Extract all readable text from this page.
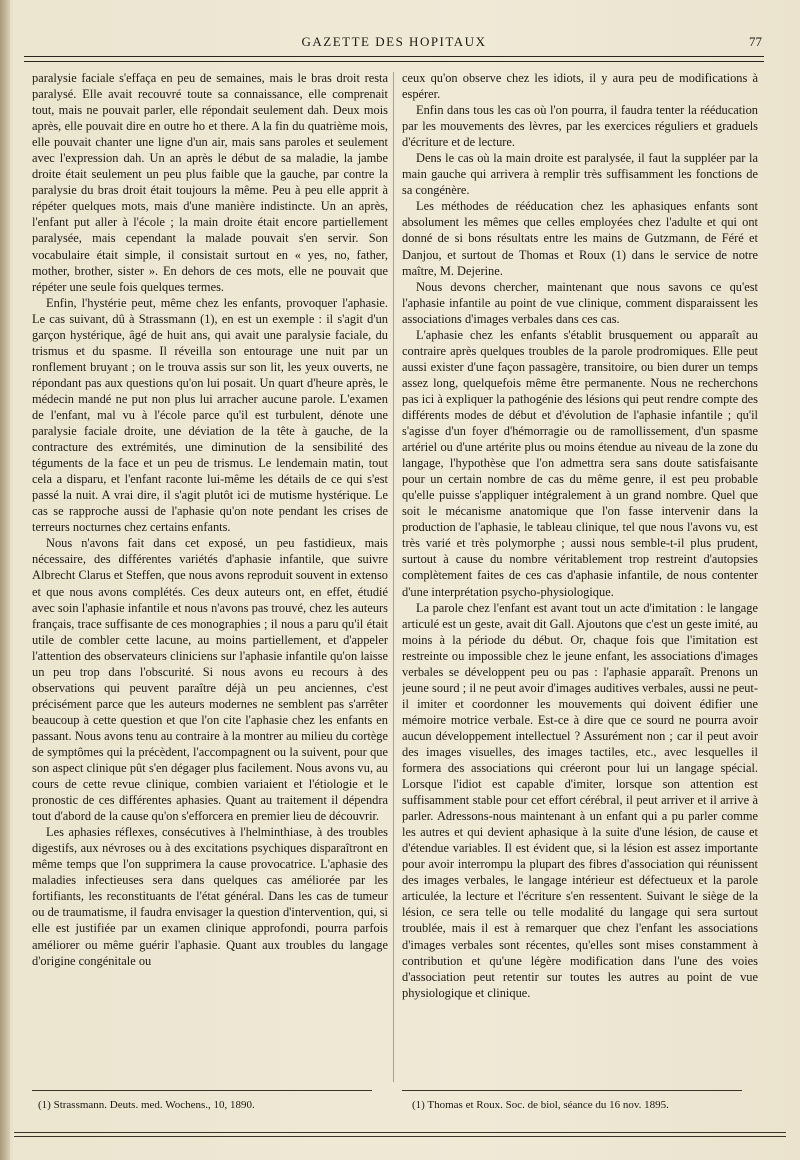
GAZETTE DES HOPITAUX	77

paralysie faciale s'effaça en peu de semaines, mais le bras droit resta paralysé. Elle avait recouvré toute sa connaissance, elle comprenait tout, mais ne pouvait parler, elle répondait seulement dah. Deux mois après, elle pouvait dire en outre ho et there. A la fin du quatrième mois, elle pouvait chanter une ligne d'un air, mais sans paroles et seulement avec l'expression dah. Un an après le début de sa maladie, la jambe droite était seulement un peu plus faible que la gauche, par contre la paralysie du bras droit était toujours la même. Peu à peu elle apprit à répéter quelques mots, mais d'une manière indistincte. Un an après, l'enfant put aller à l'école ; la main droite était encore partiellement paralysée, mais cependant la malade pouvait s'en servir. Son vocabulaire était simple, il consistait surtout en « yes, no, father, mother, brother, sister ». En dehors de ces mots, elle ne pouvait que répéter une seule fois quelques termes.

Enfin, l'hystérie peut, même chez les enfants, provoquer l'aphasie. Le cas suivant, dû à Strassmann (1), en est un exemple : il s'agit d'un garçon hystérique, âgé de huit ans, qui avait une paralysie faciale, du trismus et du spasme. Il réveilla son entourage une nuit par un ronflement bruyant ; on le trouva assis sur son lit, les yeux ouverts, ne répondant pas aux questions qu'on lui posait. Un quart d'heure après, le médecin mandé ne put non plus lui arracher aucune parole. L'examen de l'enfant, mal vu à l'école parce qu'il est turbulent, dénote une paralysie faciale droite, une déviation de la tête à gauche, de la contracture des extrémités, une diminution de la sensibilité des téguments de la face et un peu de trismus. Le lendemain matin, tout cela a disparu, et l'enfant raconte lui-même les détails de ce qui s'est passé la nuit. A vrai dire, il s'agit plutôt ici de mutisme hystérique. Le cas se rapproche aussi de l'aphasie qu'on note pendant les crises de terreurs nocturnes chez certains enfants.

Nous n'avons fait dans cet exposé, un peu fastidieux, mais nécessaire, des différentes variétés d'aphasie infantile, que suivre Albrecht Clarus et Steffen, que nous avons reproduit souvent in extenso et que nous avons complétés. Ces deux auteurs ont, en effet, étudié avec soin l'aphasie infantile et nous n'avons pas trouvé, chez les auteurs français, trace suffisante de ces monographies ; il nous a paru qu'il était utile de combler cette lacune, au moins partiellement, et d'appeler l'attention des observateurs cliniciens sur l'aphasie infantile qu'on laisse un peu trop dans l'obscurité. Si nous avons eu recours à des observations qui peuvent paraître déjà un peu anciennes, c'est précisément parce que les auteurs modernes ne semblent pas s'arrêter beaucoup à cette question et que l'on cite l'aphasie chez les enfants en passant. Nous avons tenu au contraire à la montrer au milieu du cortège de symptômes qui la précèdent, l'accompagnent ou la suivent, pour que son aspect clinique pût s'en dégager plus facilement. Nous avons vu, au cours de cette revue clinique, combien variaient et l'étiologie et le pronostic de ces différentes aphasies. Quant au traitement il dépendra tout d'abord de la cause qu'on s'efforcera en premier lieu de découvrir.

Les aphasies réflexes, consécutives à l'helminthiase, à des troubles digestifs, aux névroses ou à des excitations psychiques disparaîtront en même temps que l'on supprimera la cause provocatrice. L'aphasie des maladies infectieuses sera dans quelques cas améliorée par les fortifiants, les reconstituants de l'état général. Dans les cas de tumeur ou de traumatisme, il faudra envisager la question d'intervention, qui, si elle est justifiée par un examen clinique approfondi, pourra parfois améliorer ou même guérir l'aphasie. Quant aux troubles du langage d'origine congénitale ou

ceux qu'on observe chez les idiots, il y aura peu de modifications à espérer.

Enfin dans tous les cas où l'on pourra, il faudra tenter la rééducation par les mouvements des lèvres, par les exercices réguliers et graduels d'écriture et de lecture.

Dens le cas où la main droite est paralysée, il faut la suppléer par la main gauche qui arrivera à remplir très suffisamment les fonctions de sa congénère.

Les méthodes de rééducation chez les aphasiques enfants sont absolument les mêmes que celles employées chez l'adulte et qui ont donné de si bons résultats entre les mains de Gutzmann, de Féré et Danjou, et surtout de Thomas et Roux (1) dans le service de notre maître, M. Dejerine.

Nous devons chercher, maintenant que nous savons ce qu'est l'aphasie infantile au point de vue clinique, comment disparaissent les associations d'images verbales dans ces cas.

L'aphasie chez les enfants s'établit brusquement ou apparaît au contraire après quelques troubles de la parole prodromiques. Elle peut aussi exister d'une façon passagère, transitoire, ou bien durer un temps assez long, quelquefois même être permanente. Nous ne recherchons pas ici à expliquer la pathogénie des lésions qui peut rendre compte des différents modes de début et d'évolution de l'aphasie infantile ; qu'il s'agisse d'un foyer d'hémorragie ou de ramollissement, d'un spasme artériel ou d'une artérite plus ou moins étendue au niveau de la zone du langage, l'hypothèse que l'on admettra sera sans doute satisfaisante pour un certain nombre de cas du même genre, il est peu probable qu'elle puisse s'appliquer intégralement à un grand nombre. Quel que soit le mécanisme anatomique que l'on fasse intervenir dans la production de l'aphasie, le tableau clinique, tel que nous l'avons vu, est très varié et très polymorphe ; aussi nous semble-t-il plus prudent, surtout à cause du nombre véritablement trop restreint d'autopsies complètement faites de ces cas d'aphasie infantile, de nous contenter d'une interprétation psycho-physiologique.

La parole chez l'enfant est avant tout un acte d'imitation : le langage articulé est un geste, avait dit Gall. Ajoutons que c'est un geste imité, au moins à la période du début. Or, chaque fois que l'imitation est restreinte ou impossible chez le jeune enfant, les associations d'images verbales se développent peu ou pas : l'aphasie apparaît. Prenons un jeune sourd ; il ne peut avoir d'images auditives verbales, aussi ne peut-il imiter et coordonner les mouvements qui doivent édifier une mémoire motrice verbale. Est-ce à dire que ce sourd ne pourra avoir aucun développement intellectuel ? Assurément non ; car il peut avoir des images visuelles, des images tactiles, etc., avec lesquelles il formera des associations qui créeront pour lui un langage spécial. Lorsque l'idiot est capable d'imiter, lorsque son attention est suffisamment stable pour cet effort cérébral, il peut arriver et il arrive à parler. Adressons-nous maintenant à un enfant qui a pu parler comme les autres et qui devient aphasique à la suite d'une lésion, de cause et d'étendue variables. Il est évident que, si la lésion est assez importante pour avoir interrompu la plupart des fibres d'association qui réunissent des images verbales, le langage intérieur est défectueux et la parole articulée, la lecture et l'écriture s'en ressentent. Suivant le siège de la lésion, ce sera telle ou telle modalité du langage qui sera surtout troublée, mais il est à remarquer que chez l'enfant les associations d'images verbales sont récentes, qu'elles sont mises constamment à contribution et qu'une légère modification dans l'une des voies d'association peut retentir sur toutes les autres au point de vue physiologique et clinique.

(1) Strassmann. Deuts. med. Wochens., 10, 1890.	(1) Thomas et Roux. Soc. de biol, séance du 16 nov. 1895.
